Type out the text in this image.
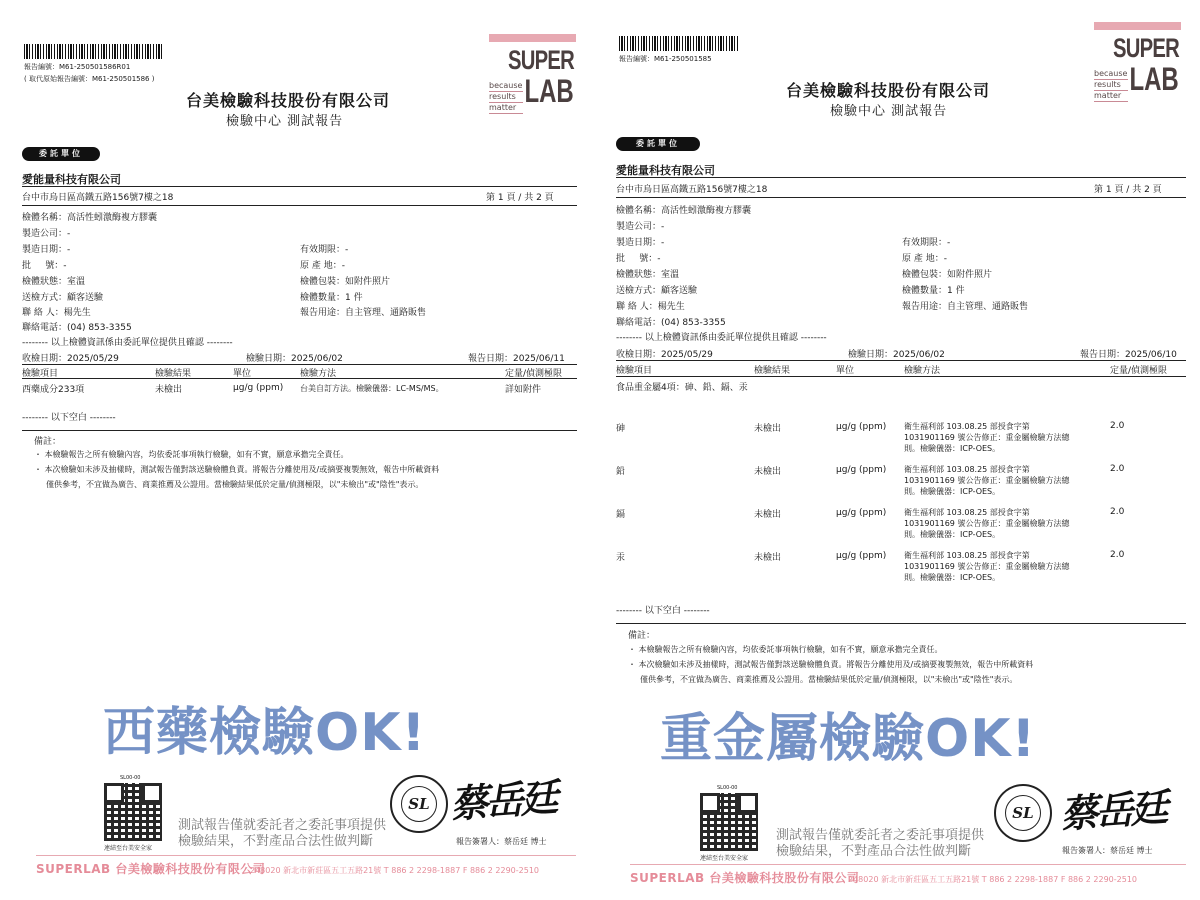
報告編號：M61-250501586R01
( 取代原始報告編號：M61-250501586 )
SUPER
LAB
because
results
matter
台美檢驗科技股份有限公司
檢驗中心 測試報告
委託單位
愛能量科技有限公司
台中市烏日區高鐵五路156號7樓之18	第 1 頁 / 共 2 頁
檢體名稱：高活性蚓激酶複方膠囊
製造公司：-
製造日期：-	有效期限：-
批     號：-	原 產 地：-
檢體狀態：室溫	檢體包裝：如附件照片
送檢方式：顧客送驗	檢體數量：1 件
聯 絡 人：楊先生	報告用途：自主管理、通路販售
聯絡電話：(04) 853-3355
-------- 以上檢體資訊係由委託單位提供且確認 --------
收檢日期：2025/05/29	檢驗日期：2025/06/02	報告日期：2025/06/11
檢驗項目	檢驗結果	單位	檢驗方法	定量/偵測極限
西藥成分233項	未檢出	μg/g (ppm) 台美自訂方法。檢驗儀器：LC-MS/MS。	詳如附件
-------- 以下空白 --------
備註：
・ 本檢驗報告之所有檢驗內容，均依委託事項執行檢驗，如有不實，願意承擔完全責任。
・ 本次檢驗如未涉及抽樣時，測試報告僅對該送驗檢體負責。將報告分離使用及/或摘要複製無效，報告中所載資料
僅供參考，不宜做為廣告、商業推薦及公證用。當檢驗結果低於定量/偵測極限，以"未檢出"或"陰性"表示。
西藥檢驗OK!
SL00-00
連結至台美安全家
測試報告僅就委託者之委託事項提供
檢驗結果，不對產品合法性做判斷
SL 蔡岳廷
報告簽署人：蔡岳廷 博士
SUPERLAB 台美檢驗科技股份有限公司
248020 新北市新莊區五工五路21號 T 886 2 2298-1887 F 886 2 2290-2510
報告編號：M61-250501585	SUPER
LAB
because
results
matter
台美檢驗科技股份有限公司
檢驗中心 測試報告
委託單位
愛能量科技有限公司
台中市烏日區高鐵五路156號7樓之18	第 1 頁 / 共 2 頁
檢體名稱：高活性蚓激酶複方膠囊
製造公司：-
製造日期：-	有效期限：-
批     號：-	原 產 地：-
檢體狀態：室溫	檢體包裝：如附件照片
送檢方式：顧客送驗	檢體數量：1 件
聯 絡 人：楊先生	報告用途：自主管理、通路販售
聯絡電話：(04) 853-3355
-------- 以上檢體資訊係由委託單位提供且確認 --------
收檢日期：2025/05/29	檢驗日期：2025/06/02	報告日期：2025/06/10
檢驗項目	檢驗結果	單位	檢驗方法	定量/偵測極限
食品重金屬4項：砷、鉛、鎘、汞
砷	未檢出	μg/g (ppm) 衛生福利部 103.08.25 部授食字第
1031901169 號公告修正：重金屬檢驗方法總
則。檢驗儀器：ICP-OES。
2.0
鉛	未檢出	μg/g (ppm) 衛生福利部 103.08.25 部授食字第
1031901169 號公告修正：重金屬檢驗方法總
則。檢驗儀器：ICP-OES。
2.0
鎘	未檢出	μg/g (ppm) 衛生福利部 103.08.25 部授食字第
1031901169 號公告修正：重金屬檢驗方法總
則。檢驗儀器：ICP-OES。
2.0
汞	未檢出	μg/g (ppm) 衛生福利部 103.08.25 部授食字第
1031901169 號公告修正：重金屬檢驗方法總
則。檢驗儀器：ICP-OES。
2.0
-------- 以下空白 --------
備註：
・ 本檢驗報告之所有檢驗內容，均依委託事項執行檢驗，如有不實，願意承擔完全責任。
・ 本次檢驗如未涉及抽樣時，測試報告僅對該送驗檢體負責。將報告分離使用及/或摘要複製無效，報告中所載資料
僅供參考，不宜做為廣告、商業推薦及公證用。當檢驗結果低於定量/偵測極限，以"未檢出"或"陰性"表示。
重金屬檢驗OK!
SL00-00
連結至台美安全家
測試報告僅就委託者之委託事項提供
檢驗結果，不對產品合法性做判斷
SL 蔡岳廷
報告簽署人：蔡岳廷 博士
SUPERLAB 台美檢驗科技股份有限公司
248020 新北市新莊區五工五路21號 T 886 2 2298-1887 F 886 2 2290-2510
